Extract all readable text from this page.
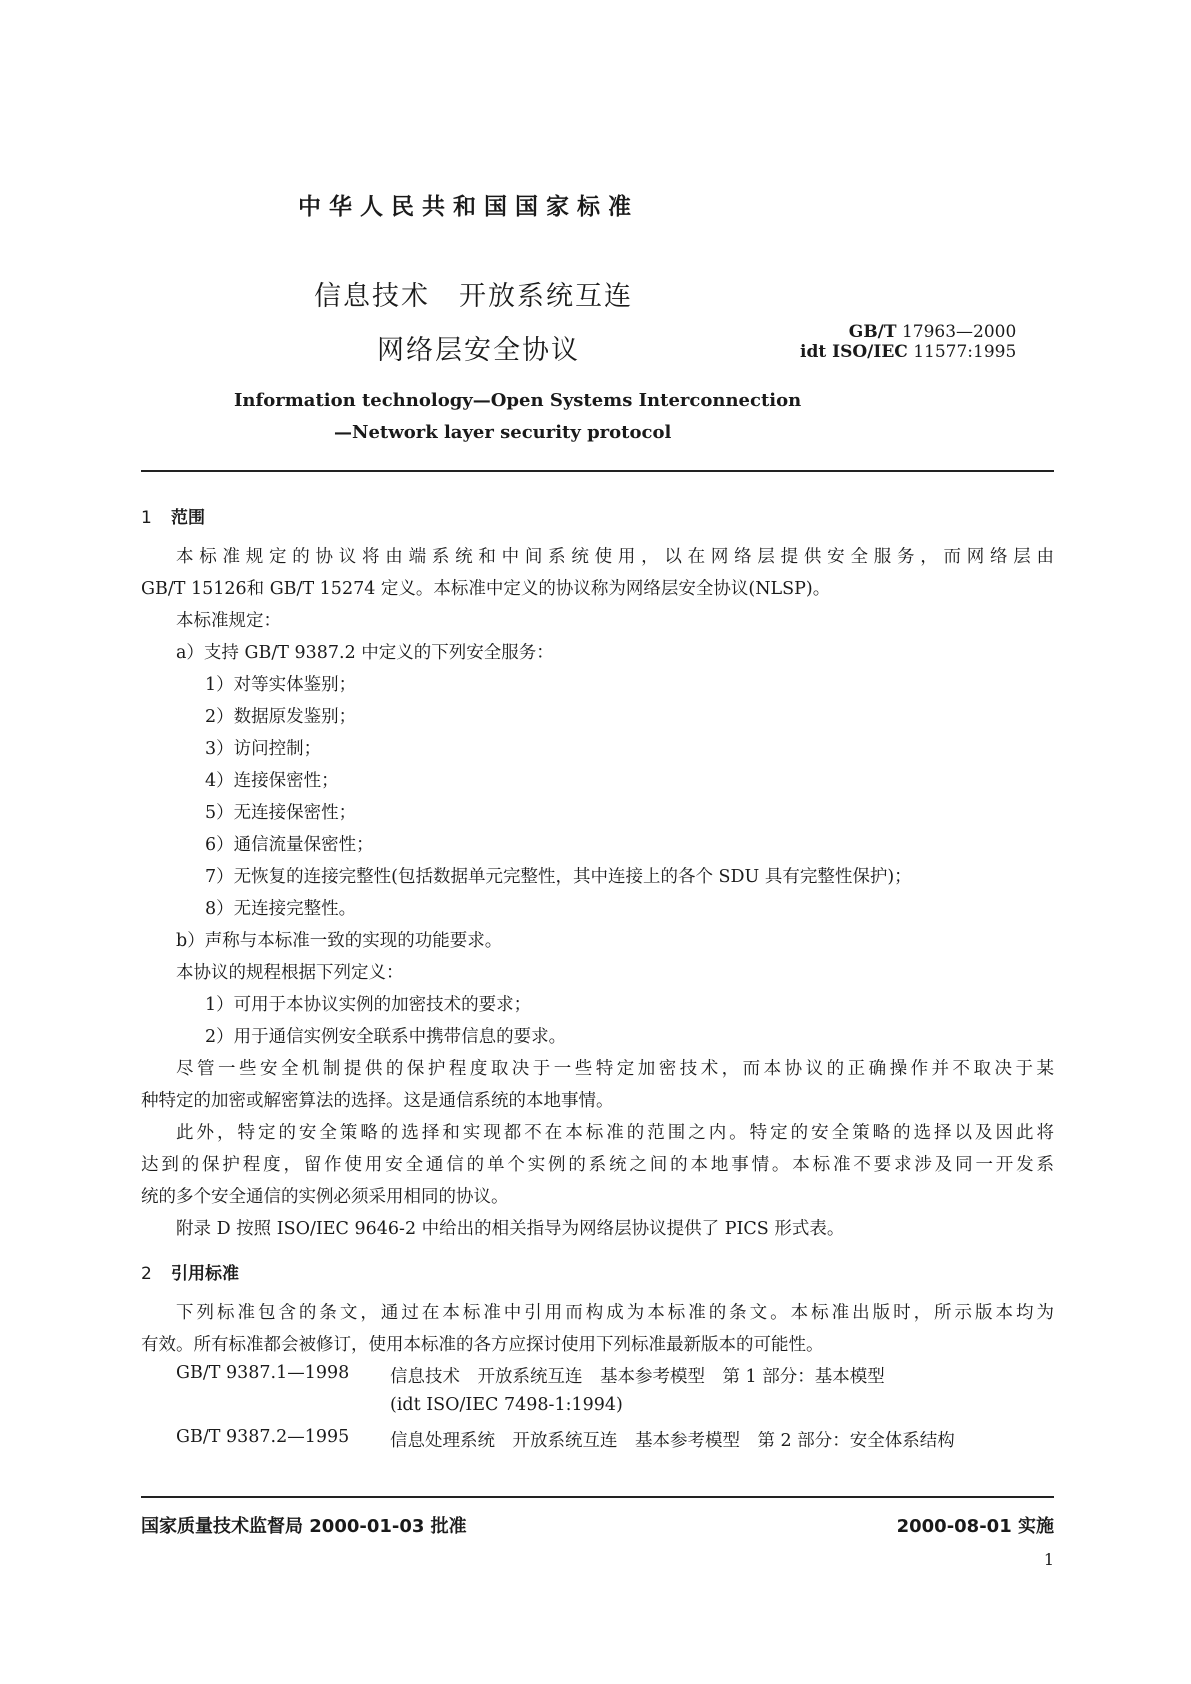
中华人民共和国国家标准
信息技术　开放系统互连
网络层安全协议
GB/T 17963—2000
idt ISO/IEC 11577:1995
Information technology—Open Systems Interconnection
—Network layer security protocol
1 范围
本标准规定的协议将由端系统和中间系统使用，以在网络层提供安全服务，而网络层由
GB/T 15126和 GB/T 15274 定义。本标准中定义的协议称为网络层安全协议(NLSP)。
本标准规定：
a）支持 GB/T 9387.2 中定义的下列安全服务：
1）对等实体鉴别；
2）数据原发鉴别；
3）访问控制；
4）连接保密性；
5）无连接保密性；
6）通信流量保密性；
7）无恢复的连接完整性(包括数据单元完整性，其中连接上的各个 SDU 具有完整性保护)；
8）无连接完整性。
b）声称与本标准一致的实现的功能要求。
本协议的规程根据下列定义：
1）可用于本协议实例的加密技术的要求；
2）用于通信实例安全联系中携带信息的要求。
尽管一些安全机制提供的保护程度取决于一些特定加密技术，而本协议的正确操作并不取决于某
种特定的加密或解密算法的选择。这是通信系统的本地事情。
此外，特定的安全策略的选择和实现都不在本标准的范围之内。特定的安全策略的选择以及因此将
达到的保护程度，留作使用安全通信的单个实例的系统之间的本地事情。本标准不要求涉及同一开发系
统的多个安全通信的实例必须采用相同的协议。
附录 D 按照 ISO/IEC 9646-2 中给出的相关指导为网络层协议提供了 PICS 形式表。
2 引用标准
下列标准包含的条文，通过在本标准中引用而构成为本标准的条文。本标准出版时，所示版本均为
有效。所有标准都会被修订，使用本标准的各方应探讨使用下列标准最新版本的可能性。
GB/T 9387.1—1998 信息技术　开放系统互连　基本参考模型　第 1 部分：基本模型
(idt ISO/IEC 7498-1:1994)
GB/T 9387.2—1995 信息处理系统　开放系统互连　基本参考模型　第 2 部分：安全体系结构
国家质量技术监督局 2000-01-03 批准	2000-08-01 实施
1
